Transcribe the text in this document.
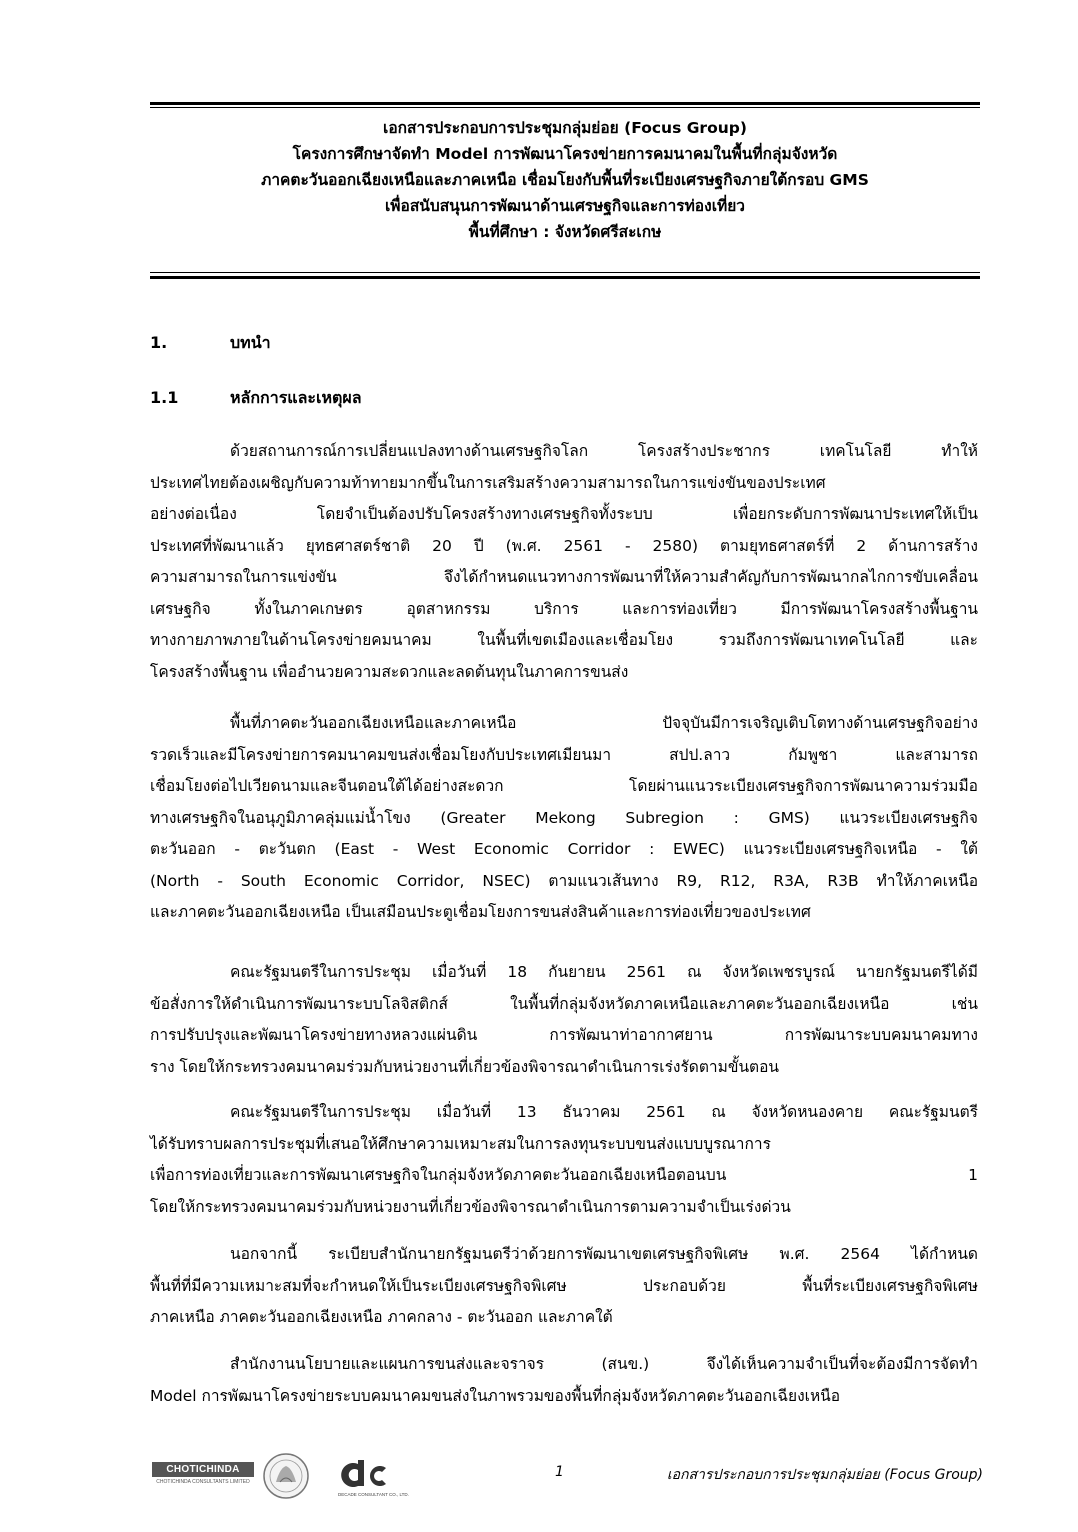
เอกสารประกอบการประชุมกลุ่มย่อย (Focus Group)
โครงการศึกษาจัดทำ Model การพัฒนาโครงข่ายการคมนาคมในพื้นที่กลุ่มจังหวัด
ภาคตะวันออกเฉียงเหนือและภาคเหนือ เชื่อมโยงกับพื้นที่ระเบียงเศรษฐกิจภายใต้กรอบ GMS
เพื่อสนับสนุนการพัฒนาด้านเศรษฐกิจและการท่องเที่ยว
พื้นที่ศึกษา : จังหวัดศรีสะเกษ
1.	บทนำ
1.1	หลักการและเหตุผล
ด้วยสถานการณ์การเปลี่ยนแปลงทางด้านเศรษฐกิจโลก โครงสร้างประชากร เทคโนโลยี ทำให้
ประเทศไทยต้องเผชิญกับความท้าทายมากขึ้นในการเสริมสร้างความสามารถในการแข่งขันของประเทศ
อย่างต่อเนื่อง โดยจำเป็นต้องปรับโครงสร้างทางเศรษฐกิจทั้งระบบ เพื่อยกระดับการพัฒนาประเทศให้เป็น
ประเทศที่พัฒนาแล้ว ยุทธศาสตร์ชาติ 20 ปี (พ.ศ. 2561 - 2580) ตามยุทธศาสตร์ที่ 2 ด้านการสร้าง
ความสามารถในการแข่งขัน จึงได้กำหนดแนวทางการพัฒนาที่ให้ความสำคัญกับการพัฒนากลไกการขับเคลื่อน
เศรษฐกิจ ทั้งในภาคเกษตร อุตสาหกรรม บริการ และการท่องเที่ยว มีการพัฒนาโครงสร้างพื้นฐาน
ทางกายภาพภายในด้านโครงข่ายคมนาคม ในพื้นที่เขตเมืองและเชื่อมโยง รวมถึงการพัฒนาเทคโนโลยี และ
โครงสร้างพื้นฐาน เพื่ออำนวยความสะดวกและลดต้นทุนในภาคการขนส่ง
พื้นที่ภาคตะวันออกเฉียงเหนือและภาคเหนือ ปัจจุบันมีการเจริญเติบโตทางด้านเศรษฐกิจอย่าง
รวดเร็วและมีโครงข่ายการคมนาคมขนส่งเชื่อมโยงกับประเทศเมียนมา สปป.ลาว กัมพูชา และสามารถ
เชื่อมโยงต่อไปเวียดนามและจีนตอนใต้ได้อย่างสะดวก โดยผ่านแนวระเบียงเศรษฐกิจการพัฒนาความร่วมมือ
ทางเศรษฐกิจในอนุภูมิภาคลุ่มแม่น้ำโขง (Greater Mekong Subregion : GMS) แนวระเบียงเศรษฐกิจ
ตะวันออก - ตะวันตก (East - West Economic Corridor : EWEC) แนวระเบียงเศรษฐกิจเหนือ - ใต้
(North - South Economic Corridor, NSEC) ตามแนวเส้นทาง R9, R12, R3A, R3B ทำให้ภาคเหนือ
และภาคตะวันออกเฉียงเหนือ เป็นเสมือนประตูเชื่อมโยงการขนส่งสินค้าและการท่องเที่ยวของประเทศ
คณะรัฐมนตรีในการประชุม เมื่อวันที่ 18 กันยายน 2561 ณ จังหวัดเพชรบูรณ์ นายกรัฐมนตรีได้มี
ข้อสั่งการให้ดำเนินการพัฒนาระบบโลจิสติกส์ ในพื้นที่กลุ่มจังหวัดภาคเหนือและภาคตะวันออกเฉียงเหนือ เช่น
การปรับปรุงและพัฒนาโครงข่ายทางหลวงแผ่นดิน การพัฒนาท่าอากาศยาน การพัฒนาระบบคมนาคมทาง
ราง โดยให้กระทรวงคมนาคมร่วมกับหน่วยงานที่เกี่ยวข้องพิจารณาดำเนินการเร่งรัดตามขั้นตอน
คณะรัฐมนตรีในการประชุม เมื่อวันที่ 13 ธันวาคม 2561 ณ จังหวัดหนองคาย คณะรัฐมนตรี
ได้รับทราบผลการประชุมที่เสนอให้ศึกษาความเหมาะสมในการลงทุนระบบขนส่งแบบบูรณาการ
เพื่อการท่องเที่ยวและการพัฒนาเศรษฐกิจในกลุ่มจังหวัดภาคตะวันออกเฉียงเหนือตอนบน 1
โดยให้กระทรวงคมนาคมร่วมกับหน่วยงานที่เกี่ยวข้องพิจารณาดำเนินการตามความจำเป็นเร่งด่วน
นอกจากนี้ ระเบียบสำนักนายกรัฐมนตรีว่าด้วยการพัฒนาเขตเศรษฐกิจพิเศษ พ.ศ. 2564 ได้กำหนด
พื้นที่ที่มีความเหมาะสมที่จะกำหนดให้เป็นระเบียงเศรษฐกิจพิเศษ ประกอบด้วย พื้นที่ระเบียงเศรษฐกิจพิเศษ
ภาคเหนือ ภาคตะวันออกเฉียงเหนือ ภาคกลาง - ตะวันออก และภาคใต้
สำนักงานนโยบายและแผนการขนส่งและจราจร (สนข.) จึงได้เห็นความจำเป็นที่จะต้องมีการจัดทำ
Model การพัฒนาโครงข่ายระบบคมนาคมขนส่งในภาพรวมของพื้นที่กลุ่มจังหวัดภาคตะวันออกเฉียงเหนือ
CHOTICHINDA
CHOTICHINDA CONSULTANTS LIMITED
DECADE CONSULTANT CO., LTD.
1	เอกสารประกอบการประชุมกลุ่มย่อย (Focus Group)
